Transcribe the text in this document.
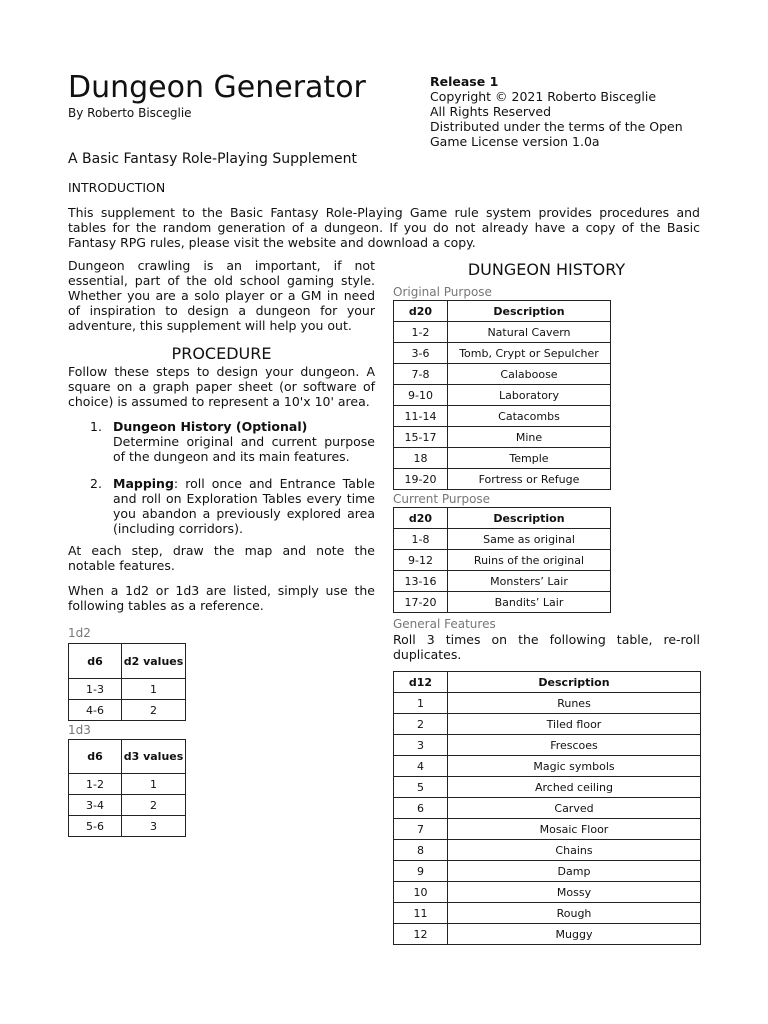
Dungeon Generator
By Roberto Bisceglie
Release 1
Copyright © 2021 Roberto Bisceglie
All Rights Reserved
Distributed under the terms of the Open
Game License version 1.0a
A Basic Fantasy Role-Playing Supplement
INTRODUCTION
This supplement to the Basic Fantasy Role-Playing Game rule system provides procedures and tables for the random generation of a dungeon. If you do not already have a copy of the Basic Fantasy RPG rules, please visit the website and download a copy.
Dungeon crawling is an important, if not essential, part of the old school gaming style. Whether you are a solo player or a GM in need of inspiration to design a dungeon for your adventure, this supplement will help you out.
PROCEDURE
Follow these steps to design your dungeon. A square on a graph paper sheet (or software of choice) is assumed to represent a 10'x 10' area.
1. Dungeon History (Optional)
Determine original and current purpose of the dungeon and its main features.
2. Mapping: roll once and Entrance Table and roll on Exploration Tables every time you abandon a previously explored area (including corridors).
At each step, draw the map and note the notable features.
When a 1d2 or 1d3 are listed, simply use the following tables as a reference.
1d2
d6	d2 values
1-3	1
4-6	2
1d3
d6	d3 values
1-2	1
3-4	2
5-6	3
DUNGEON HISTORY
Original Purpose
d20	Description
1-2	Natural Cavern
3-6	Tomb, Crypt or Sepulcher
7-8	Calaboose
9-10	Laboratory
11-14	Catacombs
15-17	Mine
18	Temple
19-20	Fortress or Refuge
Current Purpose
d20	Description
1-8	Same as original
9-12	Ruins of the original
13-16	Monsters’ Lair
17-20	Bandits’ Lair
General Features
Roll 3 times on the following table, re-roll duplicates.
d12	Description
1	Runes
2	Tiled floor
3	Frescoes
4	Magic symbols
5	Arched ceiling
6	Carved
7	Mosaic Floor
8	Chains
9	Damp
10	Mossy
11	Rough
12	Muggy
